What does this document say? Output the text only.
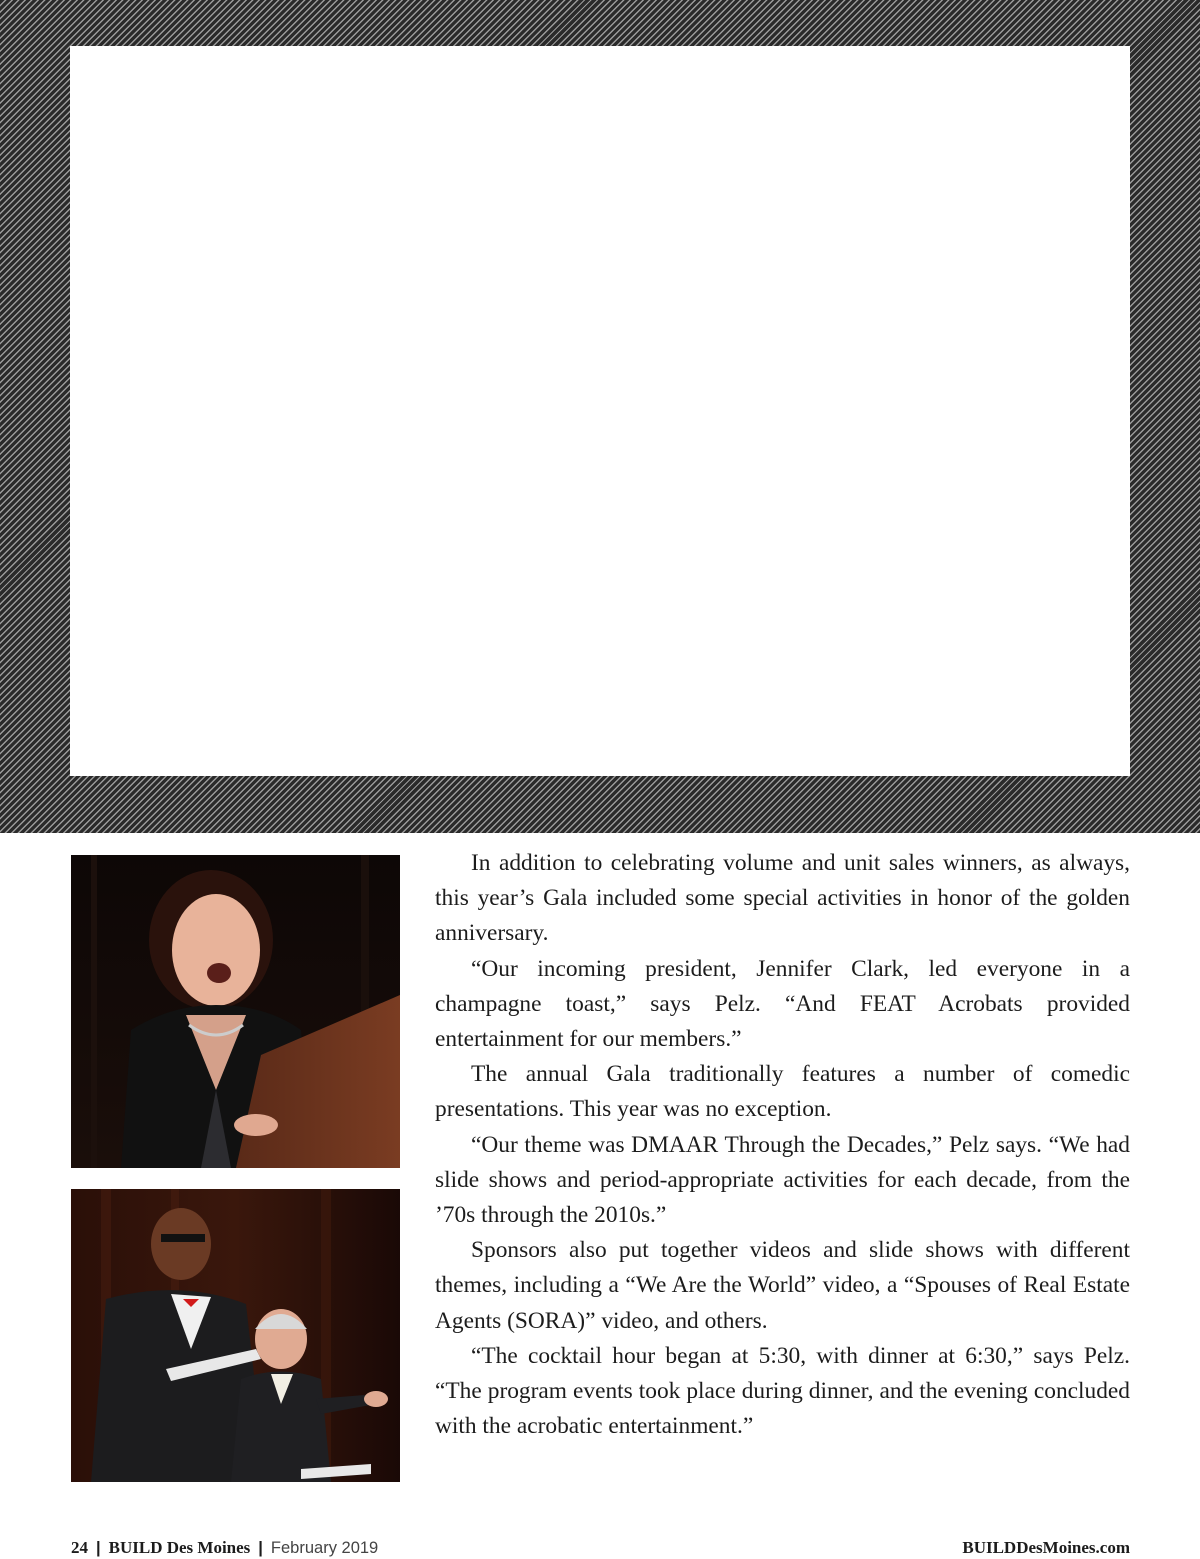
In addition to celebrating volume and unit sales winners, as always, this year’s Gala included some special activities in honor of the golden anniversary.

“Our incoming president, Jennifer Clark, led everyone in a champagne toast,” says Pelz. “And FEAT Acrobats provided entertainment for our members.”

The annual Gala traditionally features a number of comedic presentations. This year was no exception.

“Our theme was DMAAR Through the Decades,” Pelz says. “We had slide shows and period-appropriate activities for each decade, from the ’70s through the 2010s.”

Sponsors also put together videos and slide shows with different themes, including a “We Are the World” video, a “Spouses of Real Estate Agents (SORA)” video, and others.

“The cocktail hour began at 5:30, with dinner at 6:30,” says Pelz. “The program events took place during dinner, and the evening concluded with the acrobatic entertainment.”

24 | BUILD Des Moines | February 2019	BUILDDesMoines.com
